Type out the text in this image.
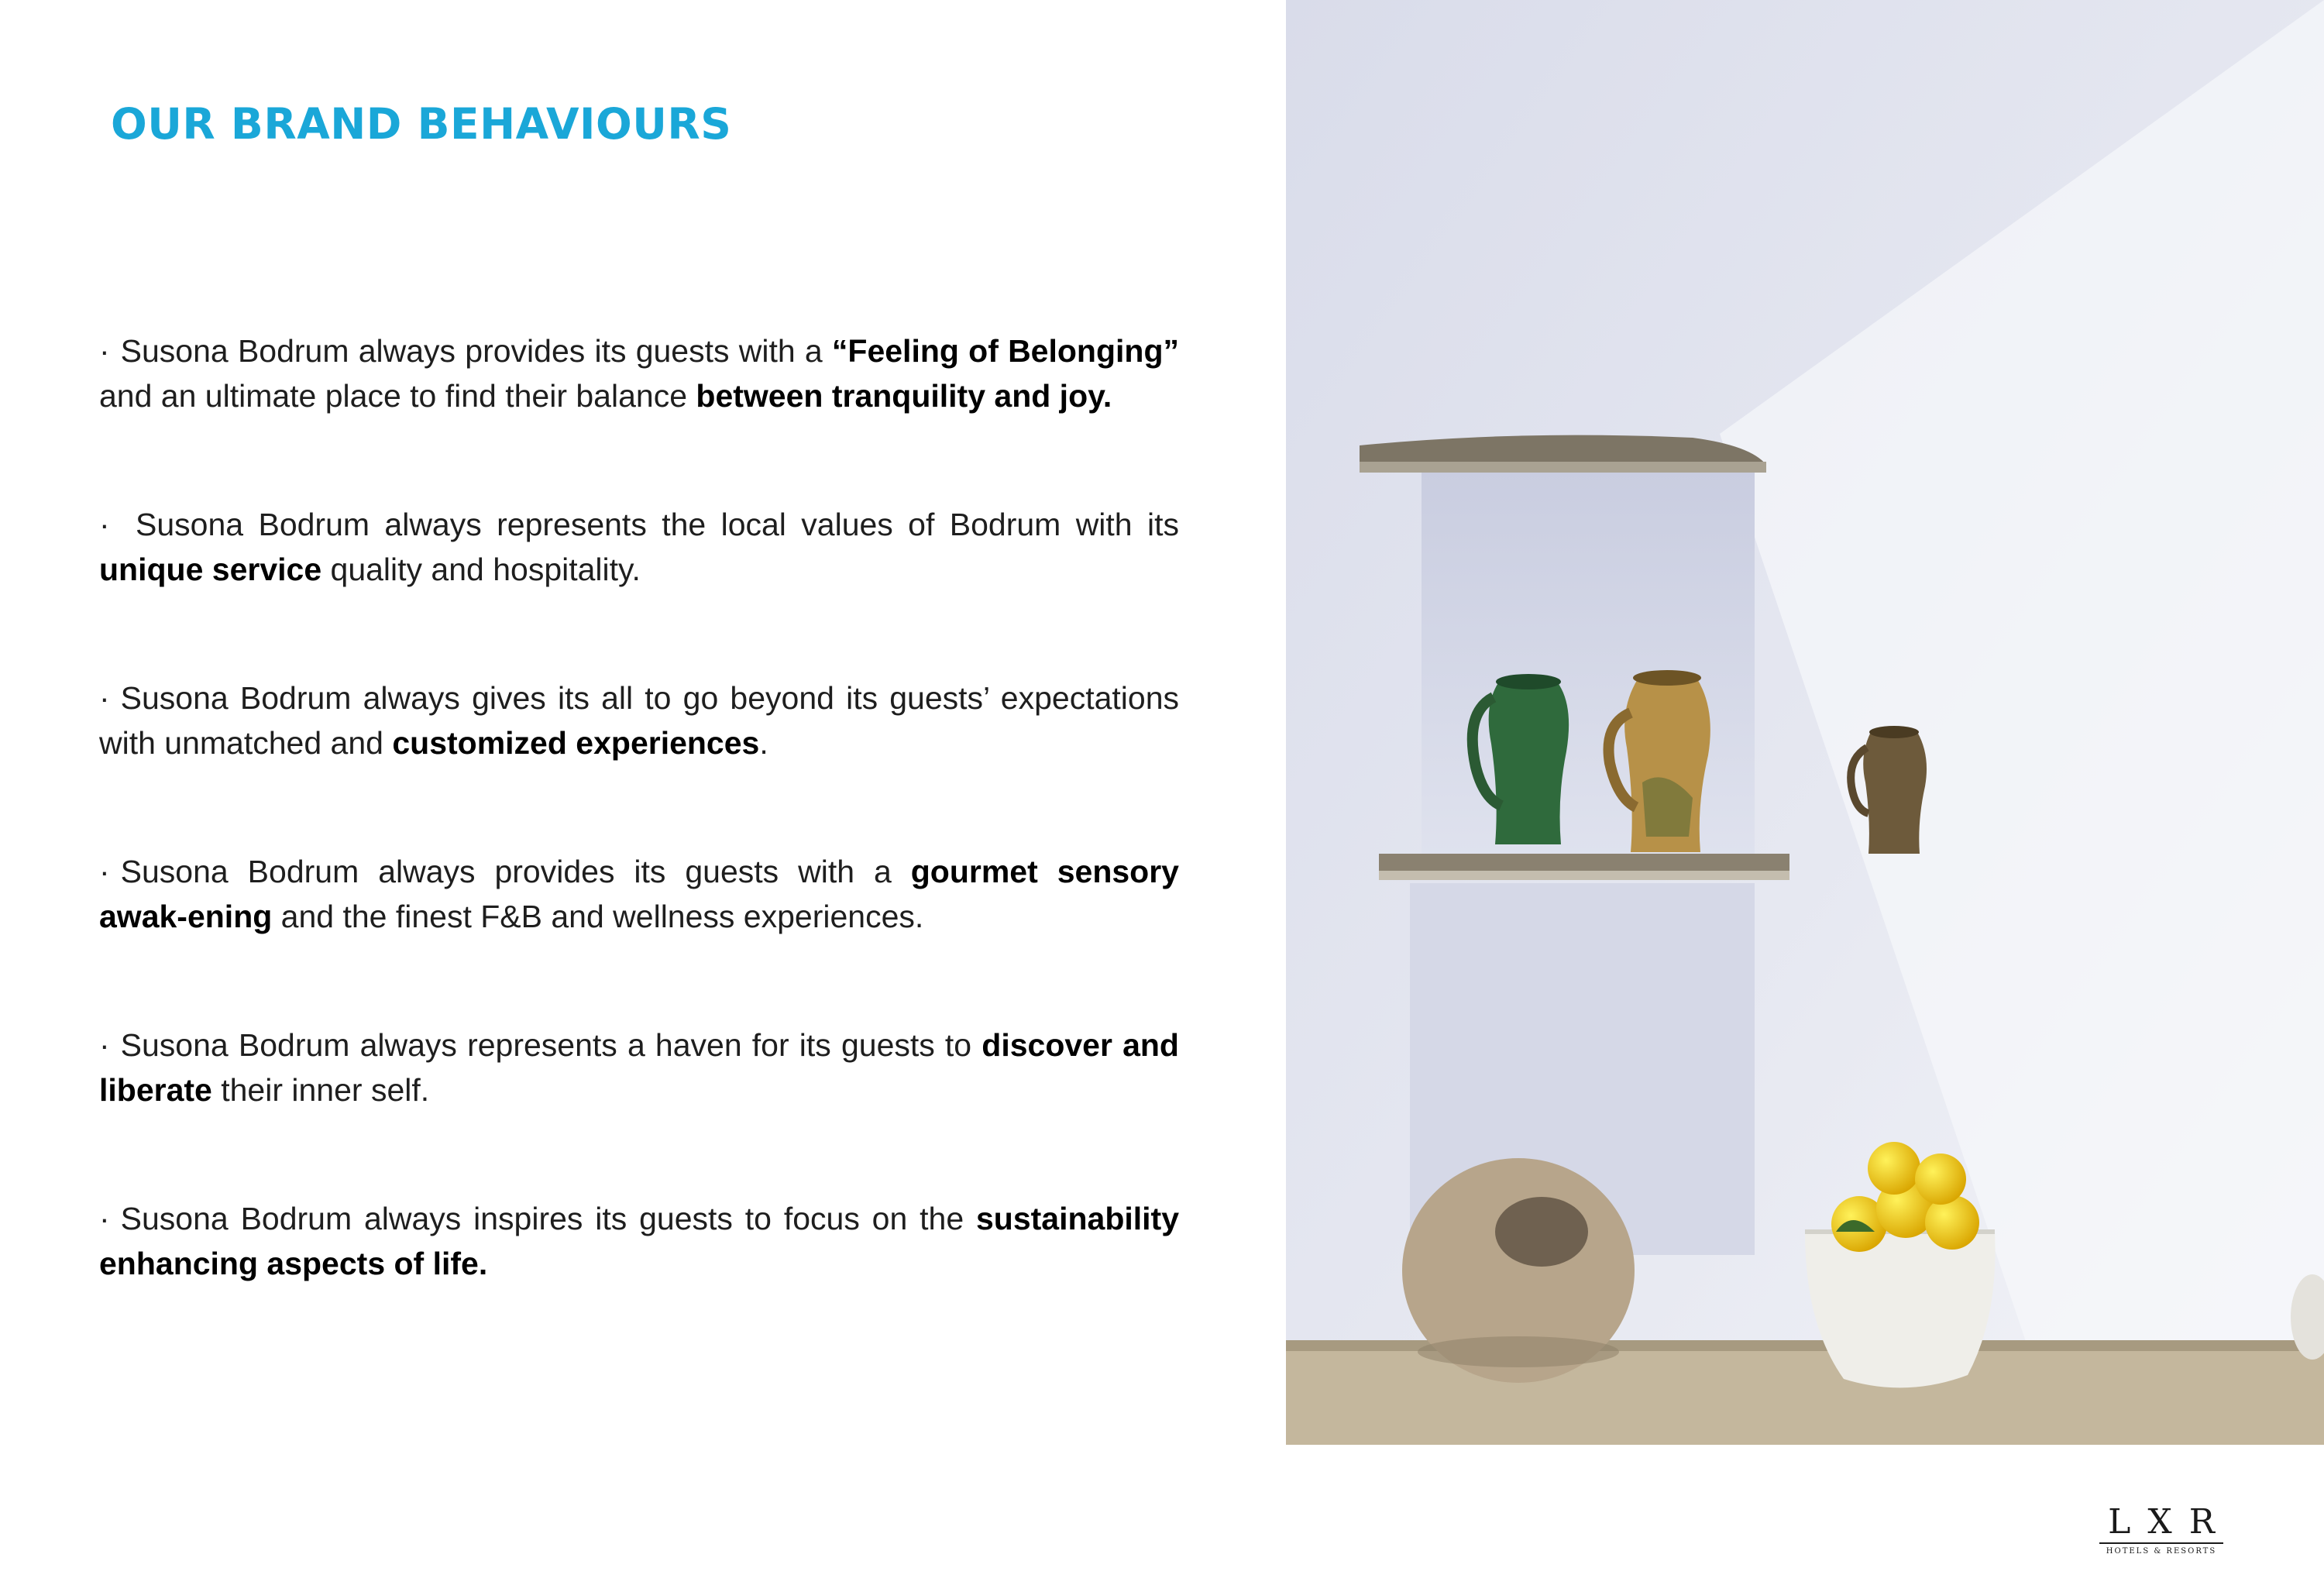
OUR BRAND BEHAVIOURS
· Susona Bodrum always provides its guests with a “Feeling of Belonging” and an ultimate place to find their balance between tranquility and joy.
· Susona Bodrum always represents the local values of Bodrum with its unique service quality and hospitality.
· Susona Bodrum always gives its all to go beyond its guests’ expectations with unmatched and customized experiences.
· Susona Bodrum always provides its guests with a gourmet sensory awak-ening and the finest F&B and wellness experiences.
· Susona Bodrum always represents a haven for its guests to discover and liberate their inner self.
· Susona Bodrum always inspires its guests to focus on the sustainability enhancing aspects of life.
LXR
HOTELS & RESORTS
